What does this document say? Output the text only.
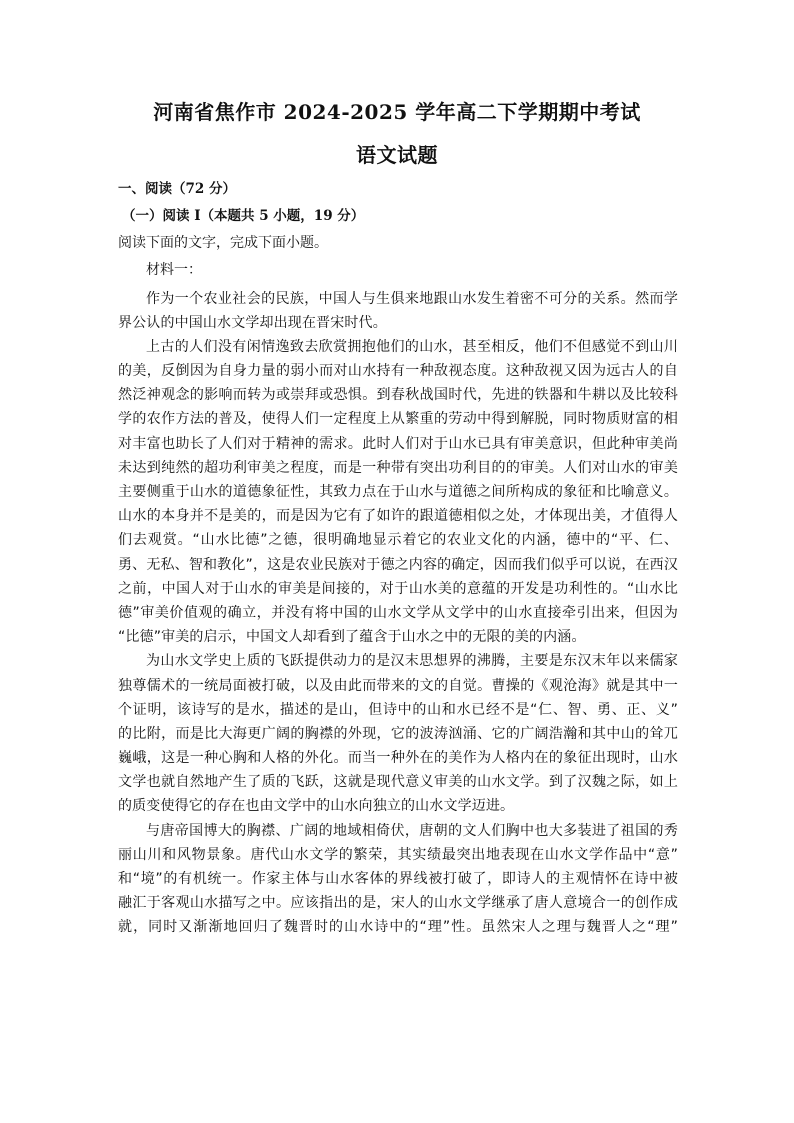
河南省焦作市 2024-2025 学年高二下学期期中考试
语文试题
一、阅读（72 分）
（一）阅读 I（本题共 5 小题，19 分）
阅读下面的文字，完成下面小题。
材料一：
作为一个农业社会的民族，中国人与生俱来地跟山水发生着密不可分的关系。然而学
界公认的中国山水文学却出现在晋宋时代。
上古的人们没有闲情逸致去欣赏拥抱他们的山水，甚至相反，他们不但感觉不到山川
的美，反倒因为自身力量的弱小而对山水持有一种敌视态度。这种敌视又因为远古人的自
然泛神观念的影响而转为或崇拜或恐惧。到春秋战国时代，先进的铁器和牛耕以及比较科
学的农作方法的普及，使得人们一定程度上从繁重的劳动中得到解脱，同时物质财富的相
对丰富也助长了人们对于精神的需求。此时人们对于山水已具有审美意识，但此种审美尚
未达到纯然的超功利审美之程度，而是一种带有突出功利目的的审美。人们对山水的审美
主要侧重于山水的道德象征性，其致力点在于山水与道德之间所构成的象征和比喻意义。
山水的本身并不是美的，而是因为它有了如许的跟道德相似之处，才体现出美，才值得人
们去观赏。“山水比德”之德，很明确地显示着它的农业文化的内涵，德中的“平、仁、
勇、无私、智和教化”，这是农业民族对于德之内容的确定，因而我们似乎可以说，在西汉
之前，中国人对于山水的审美是间接的，对于山水美的意蕴的开发是功利性的。“山水比
德”审美价值观的确立，并没有将中国的山水文学从文学中的山水直接牵引出来，但因为
“比德”审美的启示，中国文人却看到了蕴含于山水之中的无限的美的内涵。
为山水文学史上质的飞跃提供动力的是汉末思想界的沸腾，主要是东汉末年以来儒家
独尊儒术的一统局面被打破，以及由此而带来的文的自觉。曹操的《观沧海》就是其中一
个证明，该诗写的是水，描述的是山，但诗中的山和水已经不是“仁、智、勇、正、义”
的比附，而是比大海更广阔的胸襟的外现，它的波涛汹涌、它的广阔浩瀚和其中山的耸兀
巍峨，这是一种心胸和人格的外化。而当一种外在的美作为人格内在的象征出现时，山水
文学也就自然地产生了质的飞跃，这就是现代意义审美的山水文学。到了汉魏之际，如上
的质变使得它的存在也由文学中的山水向独立的山水文学迈进。
与唐帝国博大的胸襟、广阔的地域相倚伏，唐朝的文人们胸中也大多装进了祖国的秀
丽山川和风物景象。唐代山水文学的繁荣，其实绩最突出地表现在山水文学作品中“意”
和“境”的有机统一。作家主体与山水客体的界线被打破了，即诗人的主观情怀在诗中被
融汇于客观山水描写之中。应该指出的是，宋人的山水文学继承了唐人意境合一的创作成
就，同时又渐渐地回归了魏晋时的山水诗中的“理”性。虽然宋人之理与魏晋人之“理”
